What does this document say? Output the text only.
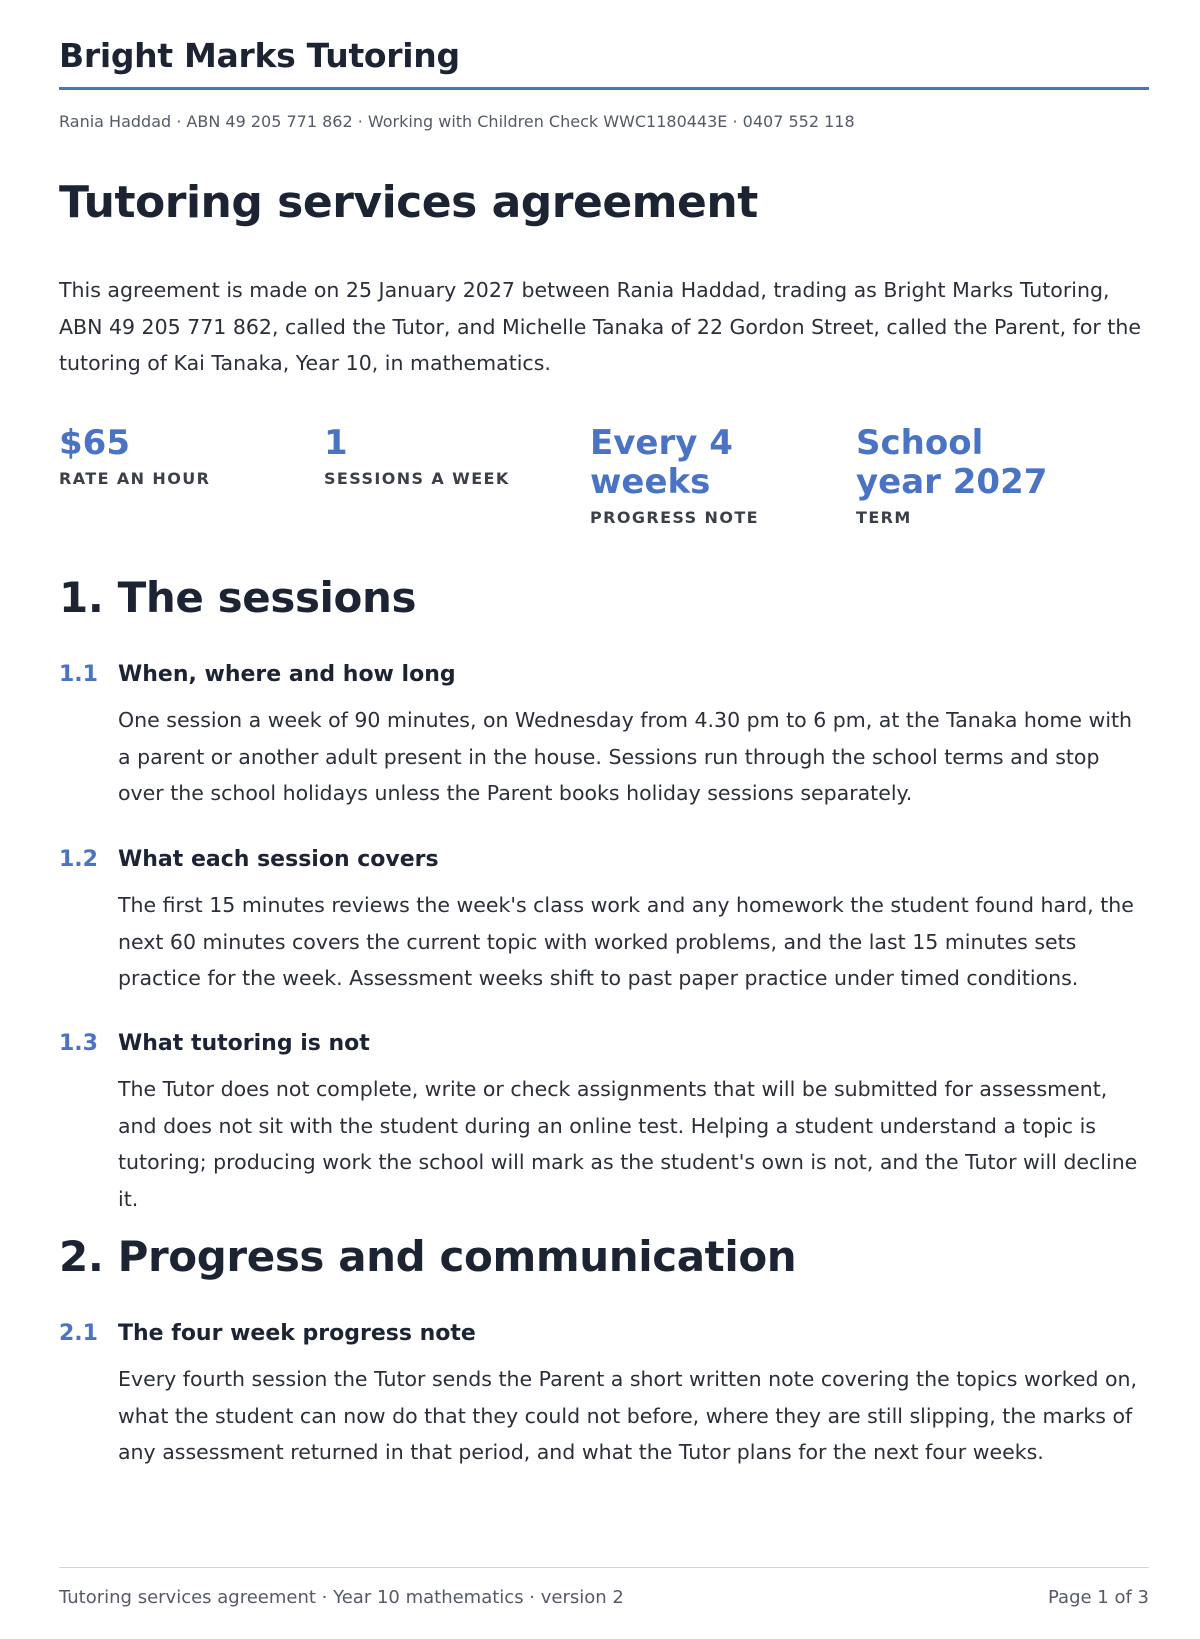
Bright Marks Tutoring
Rania Haddad · ABN 49 205 771 862 · Working with Children Check WWC1180443E · 0407 552 118
Tutoring services agreement

This agreement is made on 25 January 2027 between Rania Haddad, trading as Bright Marks Tutoring, ABN 49 205 771 862, called the Tutor, and Michelle Tanaka of 22 Gordon Street, called the Parent, for the tutoring of Kai Tanaka, Year 10, in mathematics.

$65
RATE AN HOUR
1
SESSIONS A WEEK
Every 4 weeks
PROGRESS NOTE
School year 2027
TERM
1. The sessions
1.1 When, where and how long

One session a week of 90 minutes, on Wednesday from 4.30 pm to 6 pm, at the Tanaka home with a parent or another adult present in the house. Sessions run through the school terms and stop over the school holidays unless the Parent books holiday sessions separately.

1.2 What each session covers

The first 15 minutes reviews the week's class work and any homework the student found hard, the next 60 minutes covers the current topic with worked problems, and the last 15 minutes sets practice for the week. Assessment weeks shift to past paper practice under timed conditions.

1.3 What tutoring is not

The Tutor does not complete, write or check assignments that will be submitted for assessment, and does not sit with the student during an online test. Helping a student understand a topic is tutoring; producing work the school will mark as the student's own is not, and the Tutor will decline it.

2. Progress and communication
2.1 The four week progress note

Every fourth session the Tutor sends the Parent a short written note covering the topics worked on, what the student can now do that they could not before, where they are still slipping, the marks of any assessment returned in that period, and what the Tutor plans for the next four weeks.

Tutoring services agreement · Year 10 mathematics · version 2	Page 1 of 3
